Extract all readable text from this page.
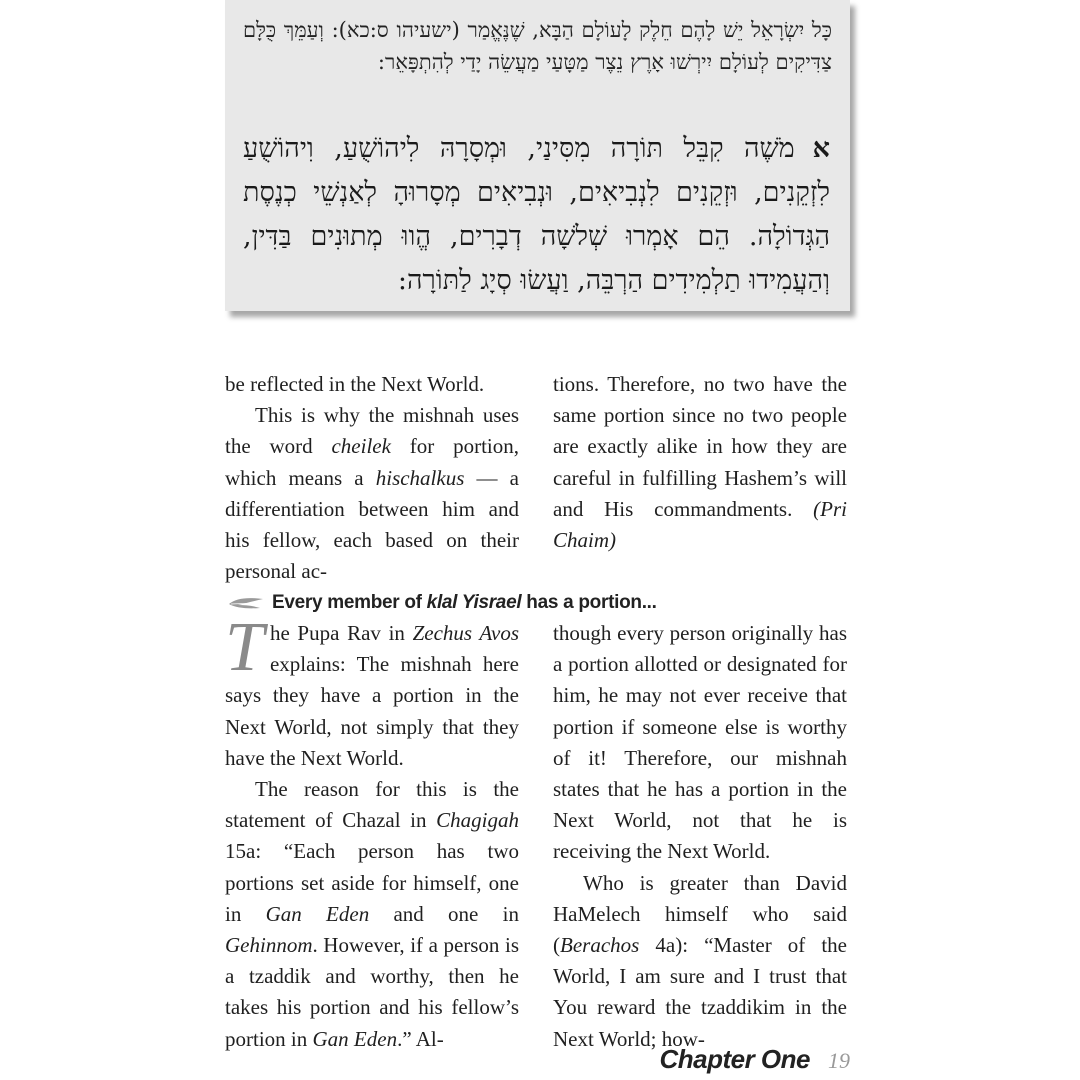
כָּל יִשְׂרָאֵל יֵשׁ לָהֶם חֵלֶק לָעוֹלָם הַבָּא, שֶׁנֶּאֱמַר (ישעיהו ס:כא): וְעַמֵּךְ כֻּלָּם צַדִּיקִים לְעוֹלָם יִירְשׁוּ אָרֶץ נֵצֶר מַטָּעַי מַעֲשֵׂה יָדַי לְהִתְפָּאֵר:
אמֹשֶׁה קִבֵּל תּוֹרָה מִסִּינַי, וּמְסָרָהּ לִיהוֹשֻׁעַ, וִיהוֹשֻׁעַ לִזְקֵנִים, וּזְקֵנִים לִנְבִיאִים, וּנְבִיאִים מְסָרוּהָ לְאַנְשֵׁי כְנֶסֶת הַגְּדוֹלָה. הֵם אָמְרוּ שְׁלשָׁה דְבָרִים, הֱווּ מְתוּנִים בַּדִּין, וְהַעֲמִידוּ תַלְמִידִים הַרְבֵּה, וַעֲשׂוּ סְיָג לַתּוֹרָה:

be reflected in the Next World.

This is why the mishnah uses the word cheilek for portion, which means a hischalkus — a differentiation between him and his fellow, each based on their personal ac-

tions. Therefore, no two have the same portion since no two people are exactly alike in how they are careful in fulfilling Hashem’s will and His commandments. (Pri Chaim)

Every member of klal Yisrael has a portion...

The Pupa Rav in Zechus Avos explains: The mishnah here says they have a portion in the Next World, not simply that they have the Next World.

The reason for this is the statement of Chazal in Chagigah 15a: “Each person has two portions set aside for himself, one in Gan Eden and one in Gehinnom. However, if a person is a tzaddik and worthy, then he takes his portion and his fellow’s portion in Gan Eden.” Al-

though every person originally has a portion allotted or designated for him, he may not ever receive that portion if someone else is worthy of it! Therefore, our mishnah states that he has a portion in the Next World, not that he is receiving the Next World.

Who is greater than David HaMelech himself who said (Berachos 4a): “Master of the World, I am sure and I trust that You reward the tzaddikim in the Next World; how-

Chapter One 19
